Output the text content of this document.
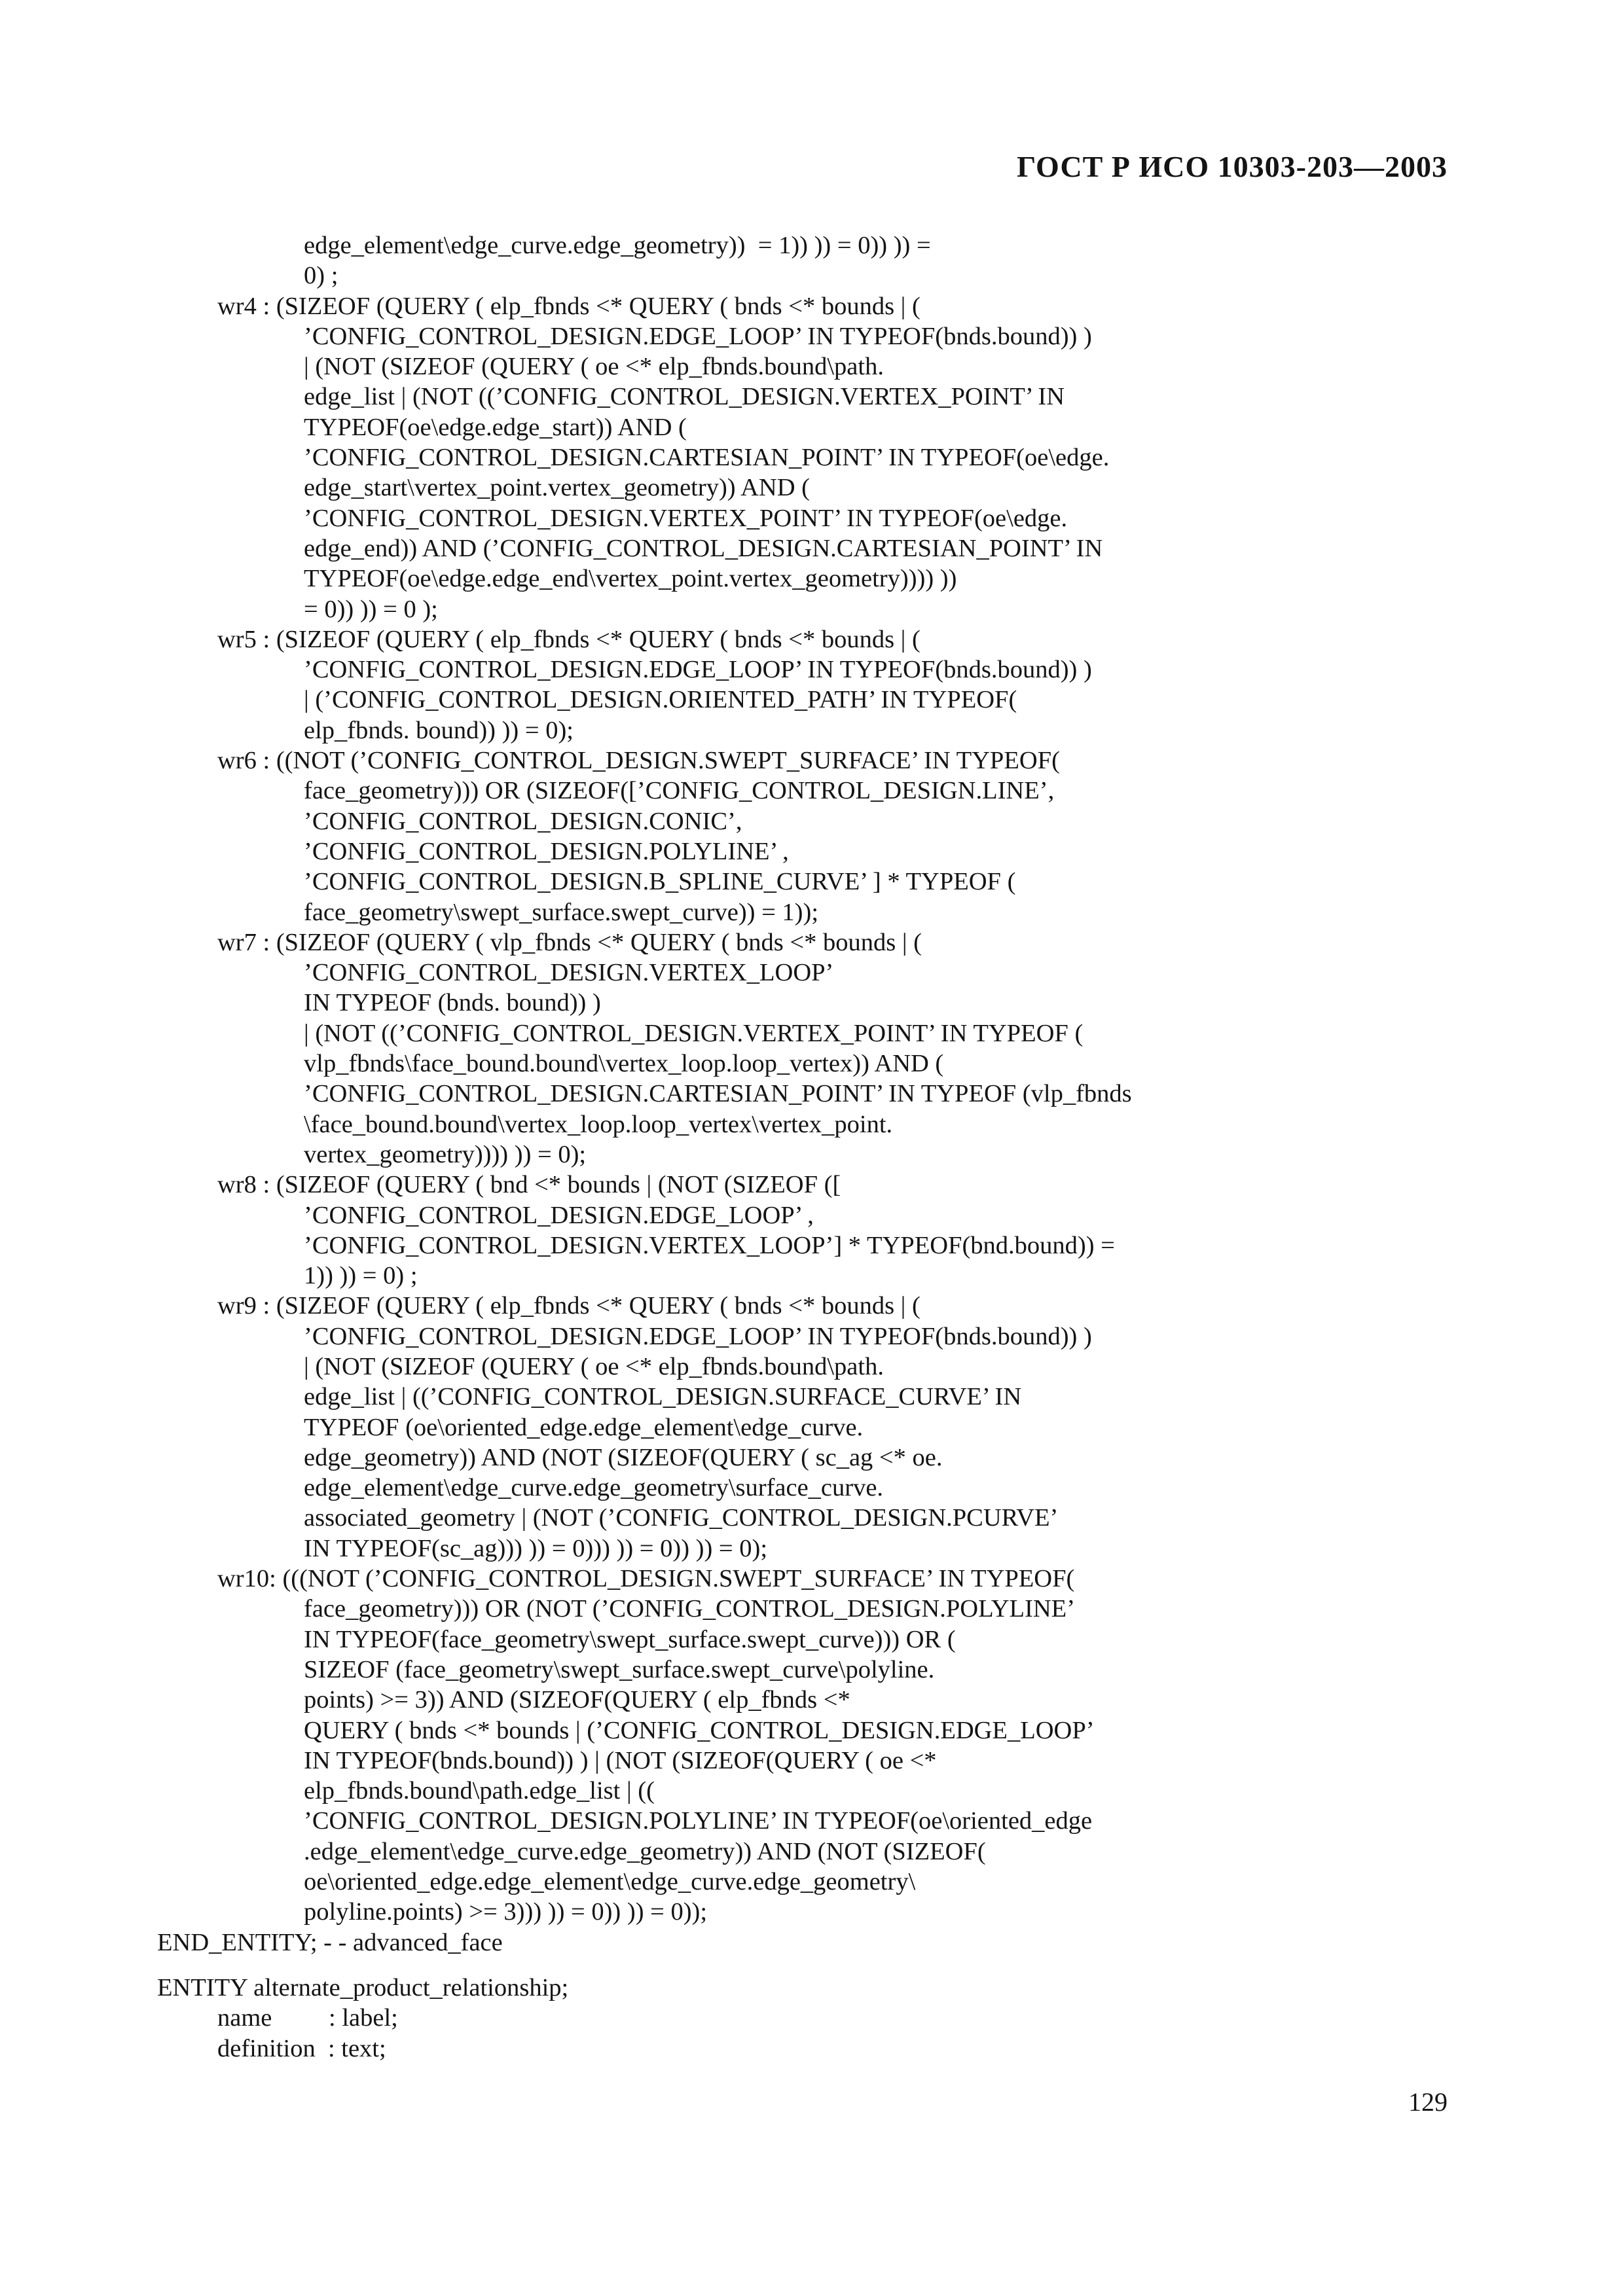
ГОСТ Р ИСО 10303-203—2003
edge_element\edge_curve.edge_geometry))  = 1)) )) = 0)) )) =
0) ;
wr4 : (SIZEOF (QUERY ( elp_fbnds <* QUERY ( bnds <* bounds | (
’CONFIG_CONTROL_DESIGN.EDGE_LOOP’ IN TYPEOF(bnds.bound)) )
| (NOT (SIZEOF (QUERY ( oe <* elp_fbnds.bound\path.
edge_list | (NOT ((’CONFIG_CONTROL_DESIGN.VERTEX_POINT’ IN
TYPEOF(oe\edge.edge_start)) AND (
’CONFIG_CONTROL_DESIGN.CARTESIAN_POINT’ IN TYPEOF(oe\edge.
edge_start\vertex_point.vertex_geometry)) AND (
’CONFIG_CONTROL_DESIGN.VERTEX_POINT’ IN TYPEOF(oe\edge.
edge_end)) AND (’CONFIG_CONTROL_DESIGN.CARTESIAN_POINT’ IN
TYPEOF(oe\edge.edge_end\vertex_point.vertex_geometry)))) ))
= 0)) )) = 0 );
wr5 : (SIZEOF (QUERY ( elp_fbnds <* QUERY ( bnds <* bounds | (
’CONFIG_CONTROL_DESIGN.EDGE_LOOP’ IN TYPEOF(bnds.bound)) )
| (’CONFIG_CONTROL_DESIGN.ORIENTED_PATH’ IN TYPEOF(
elp_fbnds. bound)) )) = 0);
wr6 : ((NOT (’CONFIG_CONTROL_DESIGN.SWEPT_SURFACE’ IN TYPEOF(
face_geometry))) OR (SIZEOF([’CONFIG_CONTROL_DESIGN.LINE’,
’CONFIG_CONTROL_DESIGN.CONIC’,
’CONFIG_CONTROL_DESIGN.POLYLINE’ ,
’CONFIG_CONTROL_DESIGN.B_SPLINE_CURVE’ ] * TYPEOF (
face_geometry\swept_surface.swept_curve)) = 1));
wr7 : (SIZEOF (QUERY ( vlp_fbnds <* QUERY ( bnds <* bounds | (
’CONFIG_CONTROL_DESIGN.VERTEX_LOOP’
IN TYPEOF (bnds. bound)) )
| (NOT ((’CONFIG_CONTROL_DESIGN.VERTEX_POINT’ IN TYPEOF (
vlp_fbnds\face_bound.bound\vertex_loop.loop_vertex)) AND (
’CONFIG_CONTROL_DESIGN.CARTESIAN_POINT’ IN TYPEOF (vlp_fbnds
\face_bound.bound\vertex_loop.loop_vertex\vertex_point.
vertex_geometry)))) )) = 0);
wr8 : (SIZEOF (QUERY ( bnd <* bounds | (NOT (SIZEOF ([
’CONFIG_CONTROL_DESIGN.EDGE_LOOP’ ,
’CONFIG_CONTROL_DESIGN.VERTEX_LOOP’] * TYPEOF(bnd.bound)) =
1)) )) = 0) ;
wr9 : (SIZEOF (QUERY ( elp_fbnds <* QUERY ( bnds <* bounds | (
’CONFIG_CONTROL_DESIGN.EDGE_LOOP’ IN TYPEOF(bnds.bound)) )
| (NOT (SIZEOF (QUERY ( oe <* elp_fbnds.bound\path.
edge_list | ((’CONFIG_CONTROL_DESIGN.SURFACE_CURVE’ IN
TYPEOF (oe\oriented_edge.edge_element\edge_curve.
edge_geometry)) AND (NOT (SIZEOF(QUERY ( sc_ag <* oe.
edge_element\edge_curve.edge_geometry\surface_curve.
associated_geometry | (NOT (’CONFIG_CONTROL_DESIGN.PCURVE’
IN TYPEOF(sc_ag))) )) = 0))) )) = 0)) )) = 0);
wr10: (((NOT (’CONFIG_CONTROL_DESIGN.SWEPT_SURFACE’ IN TYPEOF(
face_geometry))) OR (NOT (’CONFIG_CONTROL_DESIGN.POLYLINE’
IN TYPEOF(face_geometry\swept_surface.swept_curve))) OR (
SIZEOF (face_geometry\swept_surface.swept_curve\polyline.
points) >= 3)) AND (SIZEOF(QUERY ( elp_fbnds <*
QUERY ( bnds <* bounds | (’CONFIG_CONTROL_DESIGN.EDGE_LOOP’
IN TYPEOF(bnds.bound)) ) | (NOT (SIZEOF(QUERY ( oe <*
elp_fbnds.bound\path.edge_list | ((
’CONFIG_CONTROL_DESIGN.POLYLINE’ IN TYPEOF(oe\oriented_edge
.edge_element\edge_curve.edge_geometry)) AND (NOT (SIZEOF(
oe\oriented_edge.edge_element\edge_curve.edge_geometry\
polyline.points) >= 3))) )) = 0)) )) = 0));
END_ENTITY; - - advanced_face
ENTITY alternate_product_relationship;
name         : label;
definition  : text;
129
